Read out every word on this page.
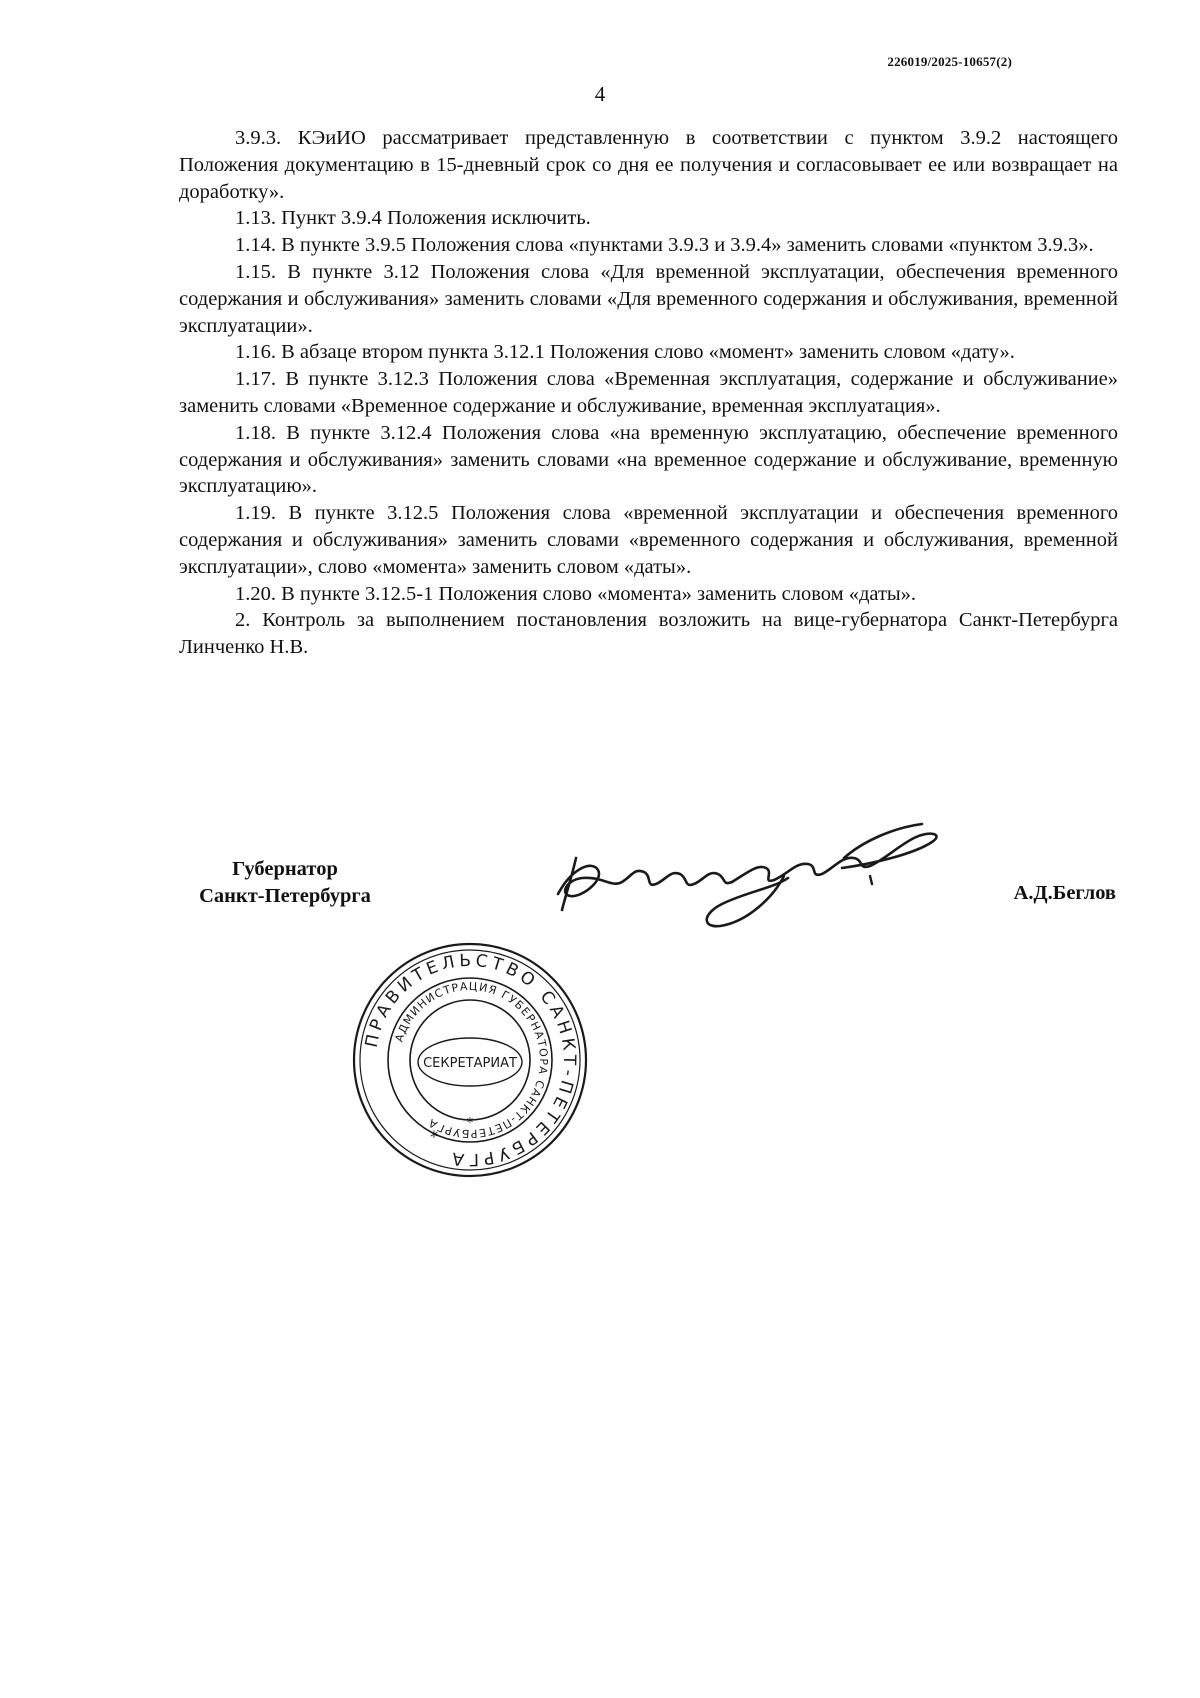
226019/2025-10657(2)
4

3.9.3. КЭиИО рассматривает представленную в соответствии с пунктом 3.9.2 настоящего Положения документацию в 15-дневный срок со дня ее получения и согласовывает ее или возвращает на доработку».

1.13. Пункт 3.9.4 Положения исключить.

1.14. В пункте 3.9.5 Положения слова «пунктами 3.9.3 и 3.9.4» заменить словами «пунктом 3.9.3».

1.15. В пункте 3.12 Положения слова «Для временной эксплуатации, обеспечения временного содержания и обслуживания» заменить словами «Для временного содержания и обслуживания, временной эксплуатации».

1.16. В абзаце втором пункта 3.12.1 Положения слово «момент» заменить словом «дату».

1.17. В пункте 3.12.3 Положения слова «Временная эксплуатация, содержание и обслуживание» заменить словами «Временное содержание и обслуживание, временная эксплуатация».

1.18. В пункте 3.12.4 Положения слова «на временную эксплуатацию, обеспечение временного содержания и обслуживания» заменить словами «на временное содержание и обслуживание, временную эксплуатацию».

1.19. В пункте 3.12.5 Положения слова «временной эксплуатации и обеспечения временного содержания и обслуживания» заменить словами «временного содержания и обслуживания, временной эксплуатации», слово «момента» заменить словом «даты».

1.20. В пункте 3.12.5-1 Положения слово «момента» заменить словом «даты».

2. Контроль за выполнением постановления возложить на вице-губернатора Санкт-Петербурга Линченко Н.В.

Губернатор
Санкт-Петербурга	А.Д.Беглов
ПРАВИТЕЛЬСТВО САНКТ-ПЕТЕРБУРГА
АДМИНИСТРАЦИЯ ГУБЕРНАТОРА САНКТ-ПЕТЕРБУРГА
СЕКРЕТАРИАТ
*
*
